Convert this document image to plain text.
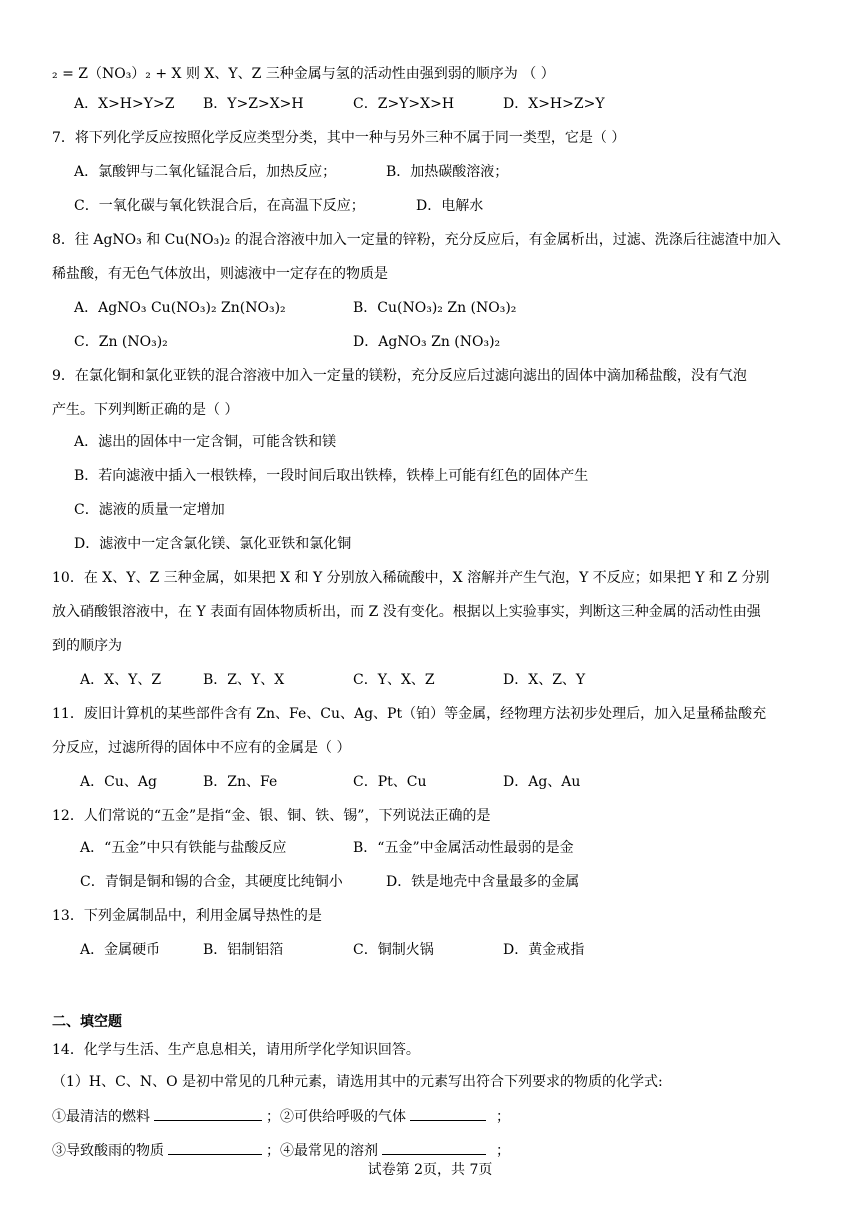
₂ = Z（NO₃）₂ + X 则 X、Y、Z 三种金属与氢的活动性由强到弱的顺序为 （ ）
A．X>H>Y>Z B．Y>Z>X>H	C．Z>Y>X>H	D．X>H>Z>Y
7．将下列化学反应按照化学反应类型分类，其中一种与另外三种不属于同一类型，它是（ ）
A．氯酸钾与二氧化锰混合后，加热反应；	B．加热碳酸溶液；
C．一氧化碳与氧化铁混合后，在高温下反应；	D．电解水
8．往 AgNO₃ 和 Cu(NO₃)₂ 的混合溶液中加入一定量的锌粉，充分反应后，有金属析出，过滤、洗涤后往滤渣中加入
稀盐酸，有无色气体放出，则滤液中一定存在的物质是
A．AgNO₃ Cu(NO₃)₂ Zn(NO₃)₂	B．Cu(NO₃)₂ Zn (NO₃)₂
C．Zn (NO₃)₂	D．AgNO₃ Zn (NO₃)₂
9．在氯化铜和氯化亚铁的混合溶液中加入一定量的镁粉，充分反应后过滤向滤出的固体中滴加稀盐酸，没有气泡
产生。下列判断正确的是（ ）
A．滤出的固体中一定含铜，可能含铁和镁
B．若向滤液中插入一根铁棒，一段时间后取出铁棒，铁棒上可能有红色的固体产生
C．滤液的质量一定增加
D．滤液中一定含氯化镁、氯化亚铁和氯化铜
10．在 X、Y、Z 三种金属，如果把 X 和 Y 分别放入稀硫酸中，X 溶解并产生气泡，Y 不反应；如果把 Y 和 Z 分别
放入硝酸银溶液中，在 Y 表面有固体物质析出，而 Z 没有变化。根据以上实验事实，判断这三种金属的活动性由强
到的顺序为
A．X、Y、Z	B．Z、Y、X	C．Y、X、Z	D．X、Z、Y
11．废旧计算机的某些部件含有 Zn、Fe、Cu、Ag、Pt（铂）等金属，经物理方法初步处理后，加入足量稀盐酸充
分反应，过滤所得的固体中不应有的金属是（ ）
A．Cu、Ag	B．Zn、Fe	C．Pt、Cu	D．Ag、Au
12．人们常说的“五金”是指“金、银、铜、铁、锡”，下列说法正确的是
A．“五金”中只有铁能与盐酸反应	B．“五金”中金属活动性最弱的是金
C．青铜是铜和锡的合金，其硬度比纯铜小	D．铁是地壳中含量最多的金属
13．下列金属制品中，利用金属导热性的是
A．金属硬币	B．铝制铝箔	C．铜制火锅	D．黄金戒指
二、填空题
14．化学与生活、生产息息相关，请用所学化学知识回答。
（1）H、C、N、O 是初中常见的几种元素，请选用其中的元素写出符合下列要求的物质的化学式:
①最清洁的燃料	；②可供给呼吸的气体	；
③导致酸雨的物质	；④最常见的溶剂	；
试卷第 2页，共 7页
